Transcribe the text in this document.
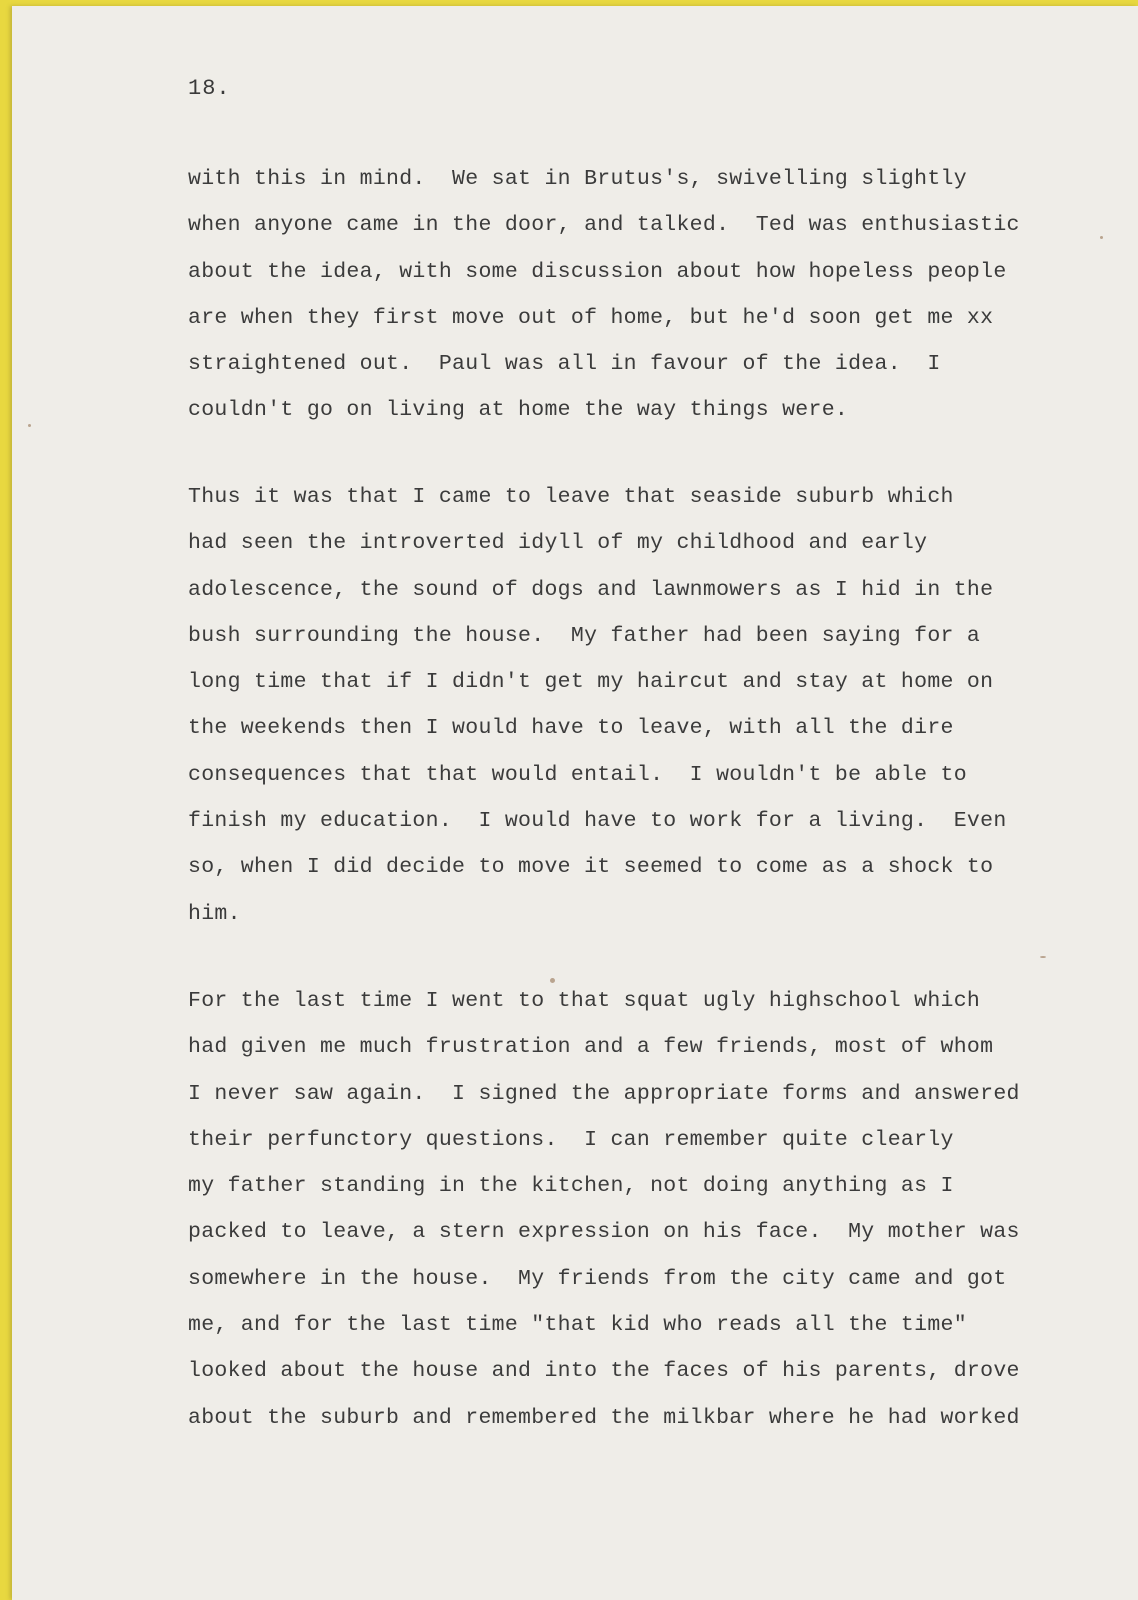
18.
with this in mind.  We sat in Brutus's, swivelling slightly
when anyone came in the door, and talked.  Ted was enthusiastic
about the idea, with some discussion about how hopeless people
are when they first move out of home, but he'd soon get me xx
straightened out.  Paul was all in favour of the idea.  I
couldn't go on living at home the way things were.
Thus it was that I came to leave that seaside suburb which
had seen the introverted idyll of my childhood and early
adolescence, the sound of dogs and lawnmowers as I hid in the
bush surrounding the house.  My father had been saying for a
long time that if I didn't get my haircut and stay at home on
the weekends then I would have to leave, with all the dire
consequences that that would entail.  I wouldn't be able to
finish my education.  I would have to work for a living.  Even
so, when I did decide to move it seemed to come as a shock to
him.
For the last time I went to that squat ugly highschool which
had given me much frustration and a few friends, most of whom
I never saw again.  I signed the appropriate forms and answered
their perfunctory questions.  I can remember quite clearly
my father standing in the kitchen, not doing anything as I
packed to leave, a stern expression on his face.  My mother was
somewhere in the house.  My friends from the city came and got
me, and for the last time "that kid who reads all the time"
looked about the house and into the faces of his parents, drove
about the suburb and remembered the milkbar where he had worked
